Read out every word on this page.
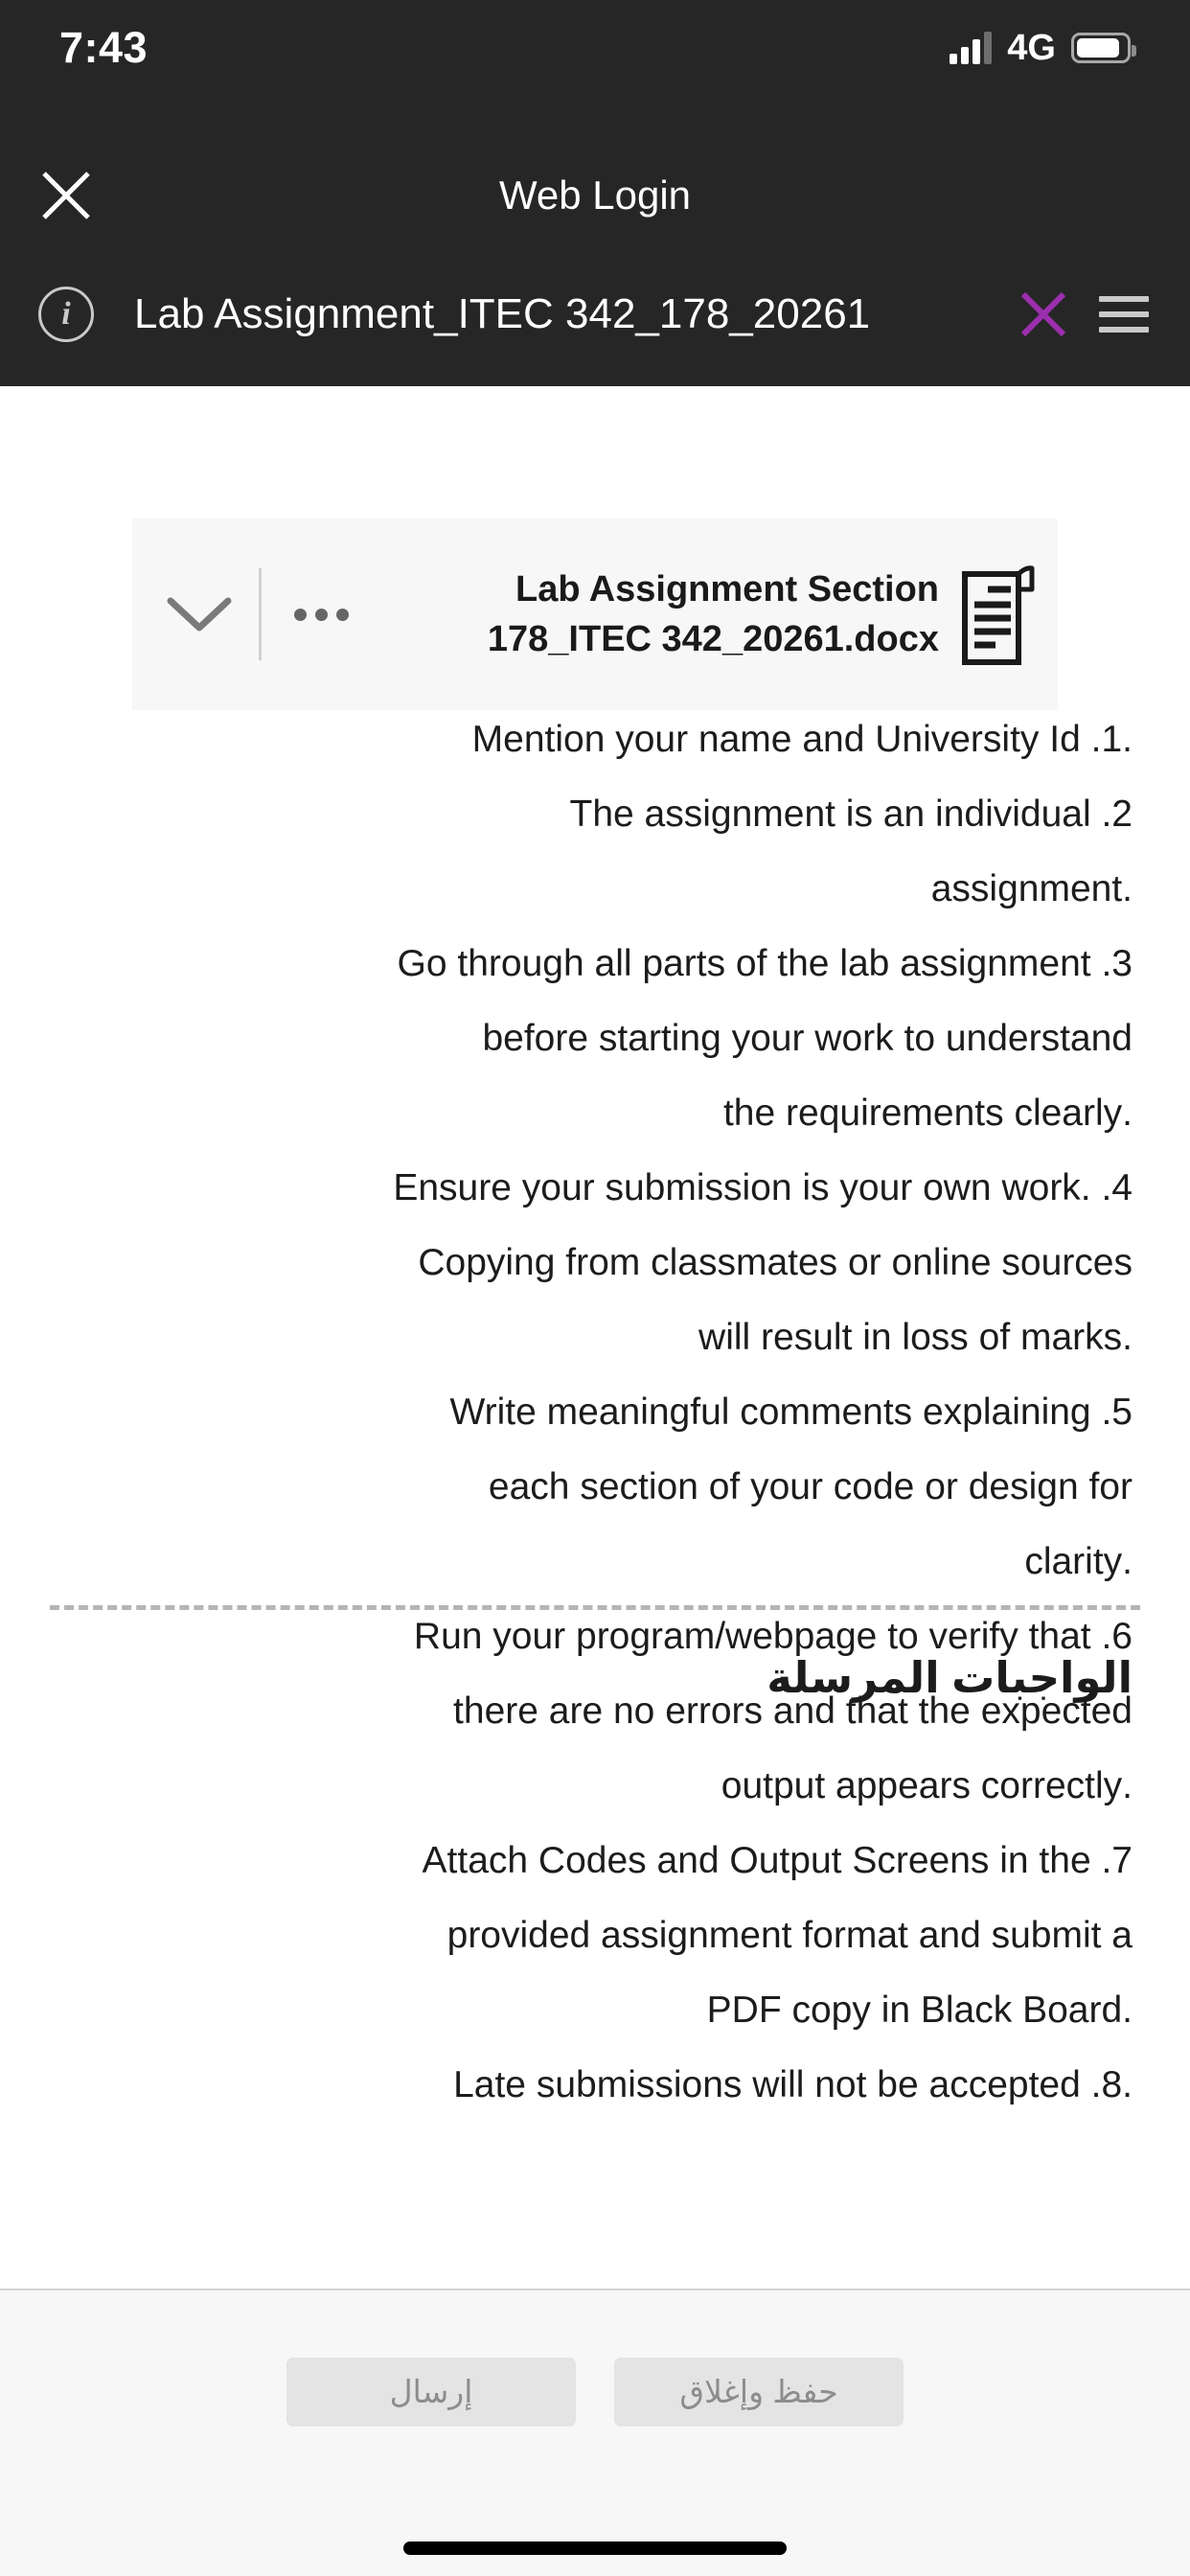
7:43	4G
Web Login
i	Lab Assignment_ITEC 342_178_20261
Lab Assignment Section 178_ITEC 342_20261.docx
.Mention your name and University Id .1
The assignment is an individual .2
.assignment
Go through all parts of the lab assignment .3
before starting your work to understand
.the requirements clearly
Ensure your submission is your own work. .4
Copying from classmates or online sources
.will result in loss of marks
Write meaningful comments explaining .5
each section of your code or design for
.clarity
Run your program/webpage to verify that .6
there are no errors and that the expected
.output appears correctly
Attach Codes and Output Screens in the .7
provided assignment format and submit a
.PDF copy in Black Board
.Late submissions will not be accepted .8
الواجبات المرسلة
حفظ وإغلاق
إرسال
